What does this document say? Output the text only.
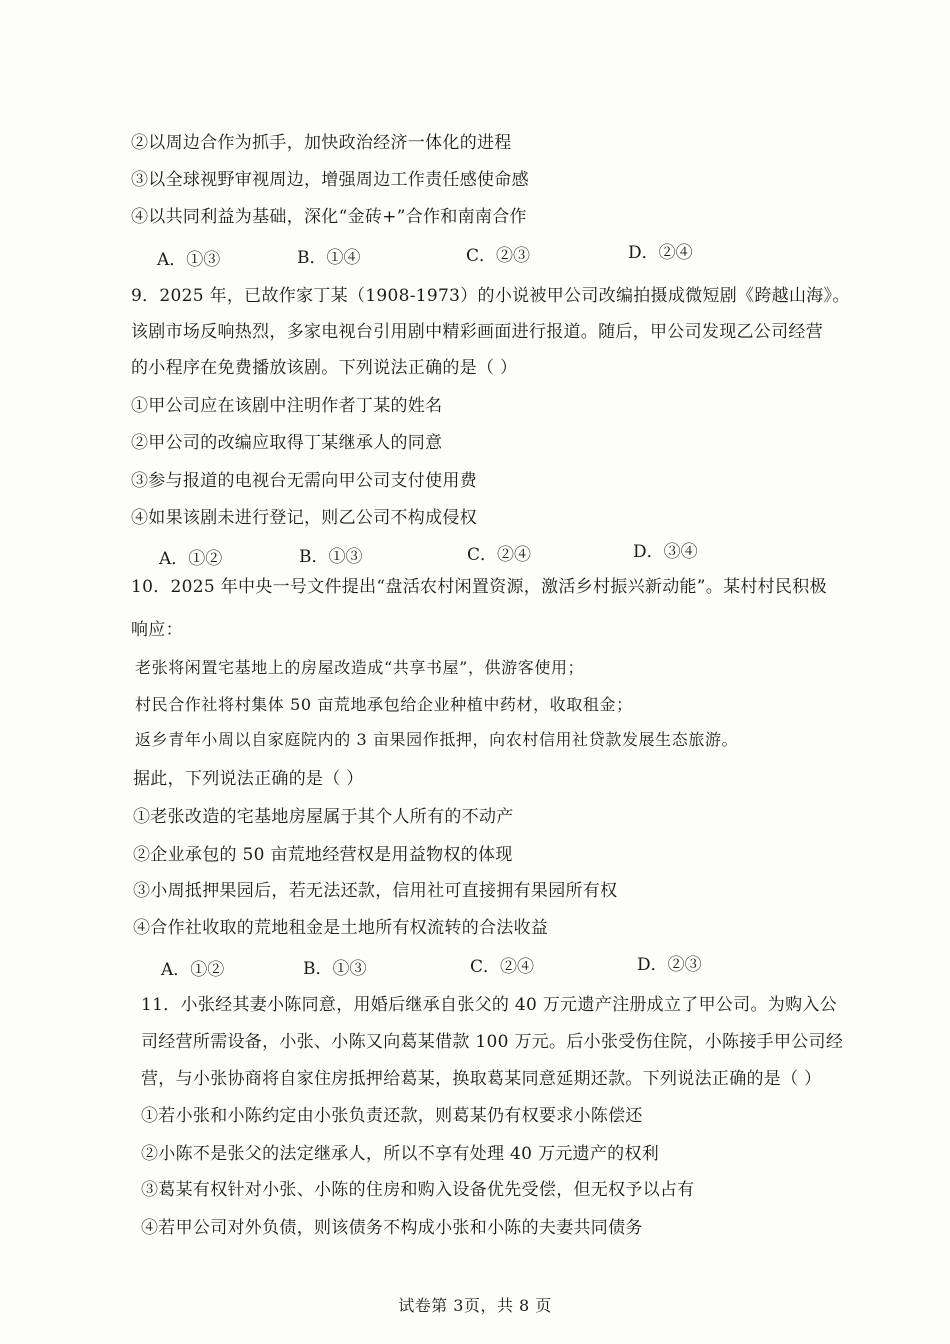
②以周边合作为抓手，加快政治经济一体化的进程
③以全球视野审视周边，增强周边工作责任感使命感
④以共同利益为基础，深化“金砖+”合作和南南合作
A．①③	B．①④	C．②③	D．②④
9．2025 年，已故作家丁某（1908-1973）的小说被甲公司改编拍摄成微短剧《跨越山海》。
该剧市场反响热烈，多家电视台引用剧中精彩画面进行报道。随后，甲公司发现乙公司经营
的小程序在免费播放该剧。下列说法正确的是（ ）
①甲公司应在该剧中注明作者丁某的姓名
②甲公司的改编应取得丁某继承人的同意
③参与报道的电视台无需向甲公司支付使用费
④如果该剧未进行登记，则乙公司不构成侵权
A．①②	B．①③	C．②④	D．③④
10．2025 年中央一号文件提出“盘活农村闲置资源，激活乡村振兴新动能”。某村村民积极
响应：
老张将闲置宅基地上的房屋改造成“共享书屋”，供游客使用；
村民合作社将村集体 50 亩荒地承包给企业种植中药材，收取租金；
返乡青年小周以自家庭院内的 3 亩果园作抵押，向农村信用社贷款发展生态旅游。
据此，下列说法正确的是（ ）
①老张改造的宅基地房屋属于其个人所有的不动产
②企业承包的 50 亩荒地经营权是用益物权的体现
③小周抵押果园后，若无法还款，信用社可直接拥有果园所有权
④合作社收取的荒地租金是土地所有权流转的合法收益
A．①②	B．①③	C．②④	D．②③
11．小张经其妻小陈同意，用婚后继承自张父的 40 万元遗产注册成立了甲公司。为购入公
司经营所需设备，小张、小陈又向葛某借款 100 万元。后小张受伤住院，小陈接手甲公司经
营，与小张协商将自家住房抵押给葛某，换取葛某同意延期还款。下列说法正确的是（ ）
①若小张和小陈约定由小张负责还款，则葛某仍有权要求小陈偿还
②小陈不是张父的法定继承人，所以不享有处理 40 万元遗产的权利
③葛某有权针对小张、小陈的住房和购入设备优先受偿，但无权予以占有
④若甲公司对外负债，则该债务不构成小张和小陈的夫妻共同债务
试卷第 3页，共 8 页
